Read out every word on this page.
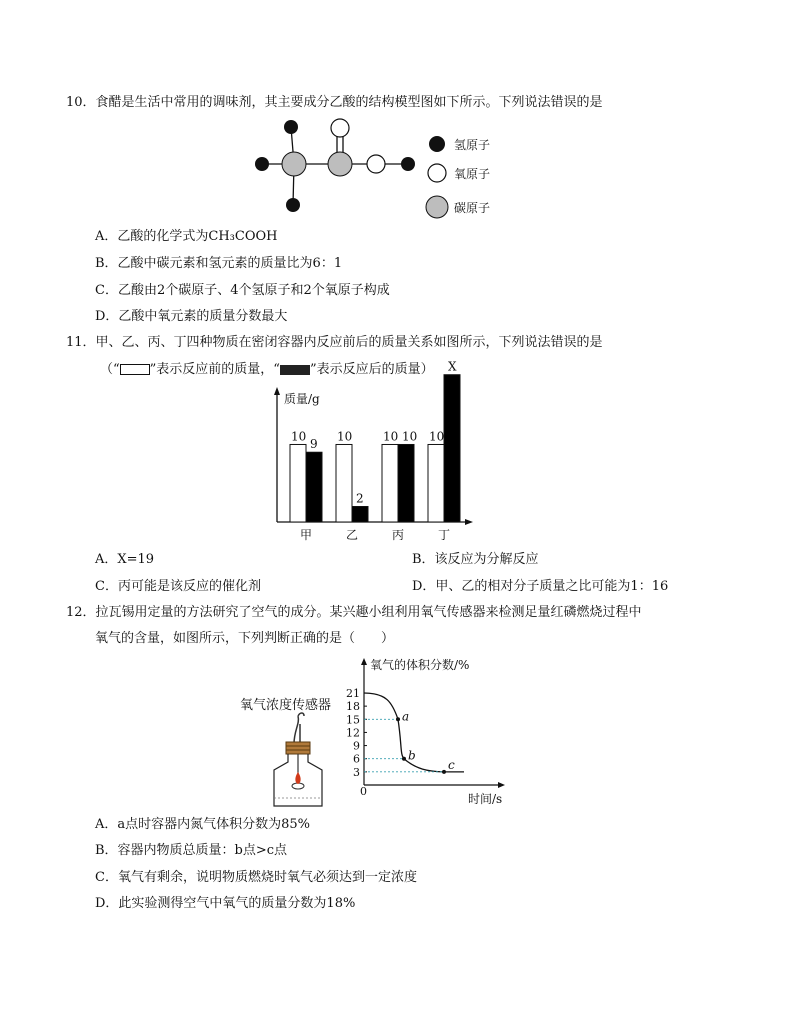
10．食醋是生活中常用的调味剂，其主要成分乙酸的结构模型图如下所示。下列说法错误的是
氢原子
氧原子
碳原子
A．乙酸的化学式为CH₃COOH
B．乙酸中碳元素和氢元素的质量比为6：1
C．乙酸由2个碳原子、4个氢原子和2个氧原子构成
D．乙酸中氧元素的质量分数最大
11．甲、乙、丙、丁四种物质在密闭容器内反应前后的质量关系如图所示，下列说法错误的是
（“ ”表示反应前的质量，“ ”表示反应后的质量）
质量/g
10
9
甲
10
2
乙
10 10
丙
10
X
丁
A．X=19	B．该反应为分解反应
C．丙可能是该反应的催化剂	D．甲、乙的相对分子质量之比可能为1：16
12．拉瓦锡用定量的方法研究了空气的成分。某兴趣小组利用氧气传感器来检测足量红磷燃烧过程中
氧气的含量，如图所示，下列判断正确的是（　　）
氧气浓度传感器
氧气的体积分数/%
时间/s
0
21
18
15
12
9
6
3
a
b
c
A．a点时容器内氮气体积分数为85%
B．容器内物质总质量：b点>c点
C．氧气有剩余，说明物质燃烧时氧气必须达到一定浓度
D．此实验测得空气中氧气的质量分数为18%
